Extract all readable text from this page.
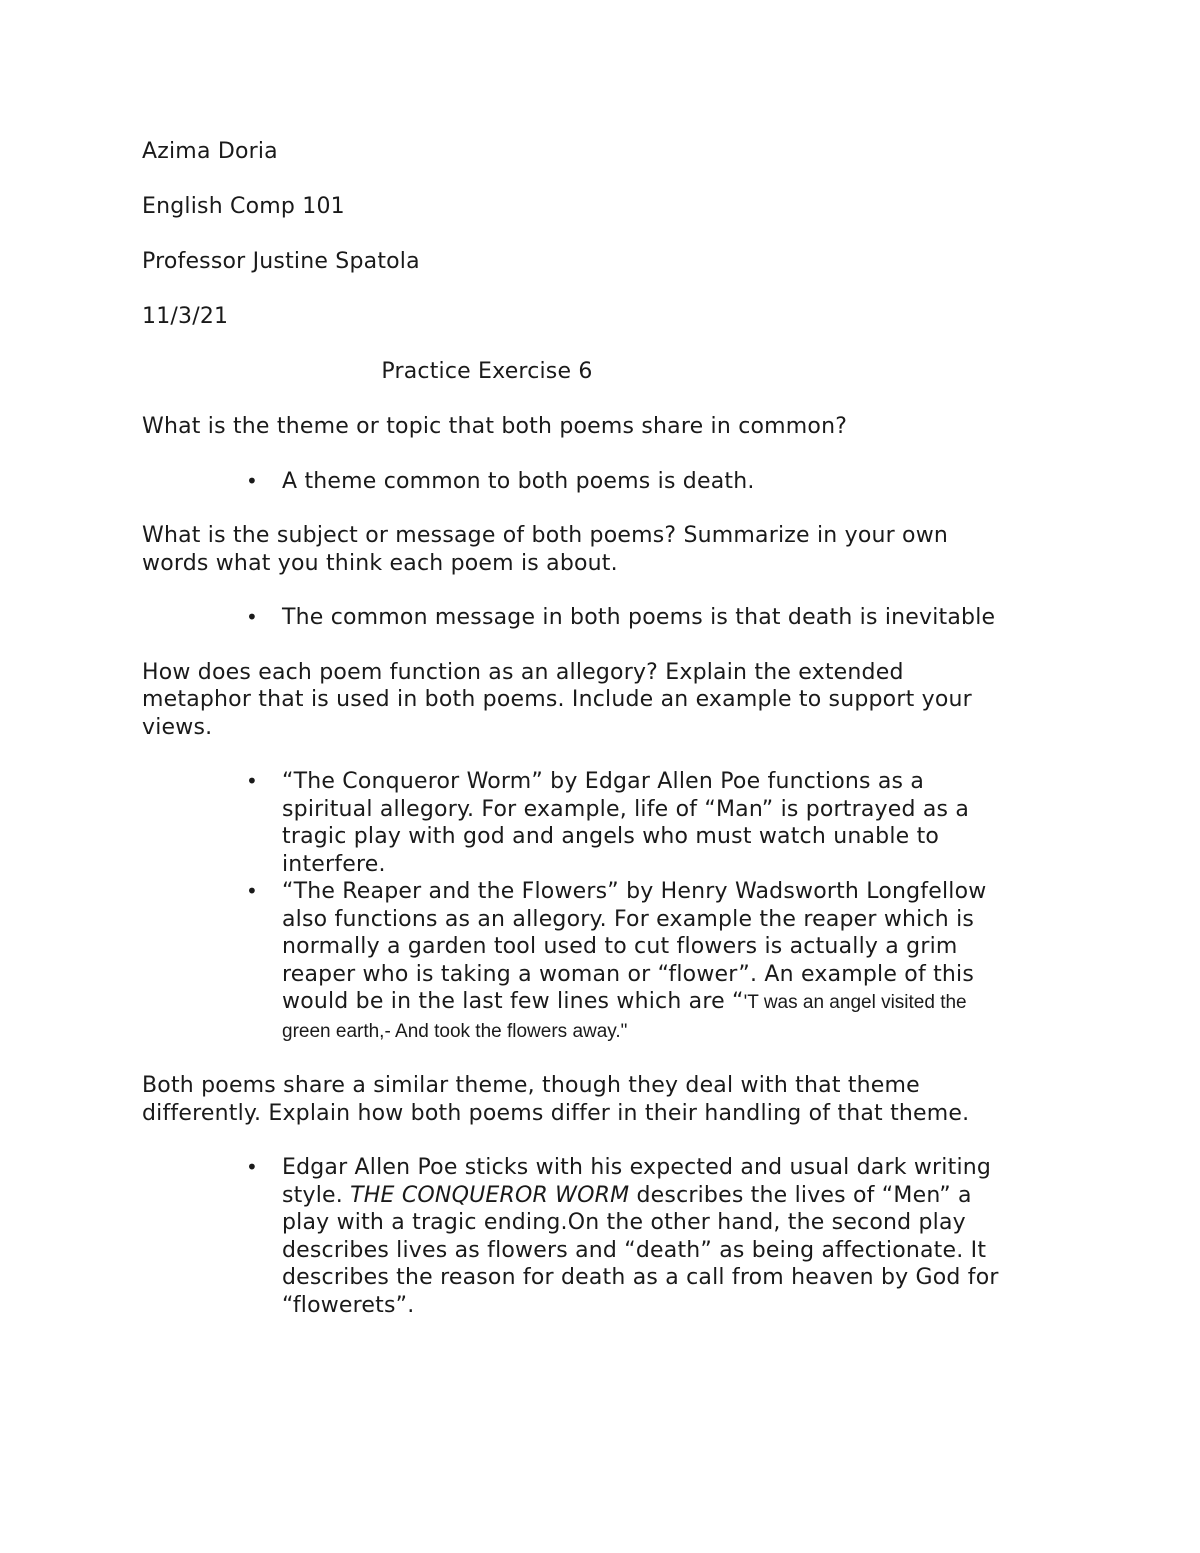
Azima Doria

English Comp 101

Professor Justine Spatola

11/3/21

Practice Exercise 6

What is the theme or topic that both poems share in common?

• A theme common to both poems is death.

What is the subject or message of both poems? Summarize in your own
words what you think each poem is about.

• The common message in both poems is that death is inevitable

How does each poem function as an allegory? Explain the extended
metaphor that is used in both poems. Include an example to support your
views.

• “The Conqueror Worm” by Edgar Allen Poe functions as a
spiritual allegory. For example, life of “Man” is portrayed as a
tragic play with god and angels who must watch unable to
interfere.
• “The Reaper and the Flowers” by Henry Wadsworth Longfellow
also functions as an allegory. For example the reaper which is
normally a garden tool used to cut flowers is actually a grim
reaper who is taking a woman or “flower”. An example of this
would be in the last few lines which are “'T was an angel visited the
green earth,- And took the flowers away."

Both poems share a similar theme, though they deal with that theme
differently. Explain how both poems differ in their handling of that theme.

• Edgar Allen Poe sticks with his expected and usual dark writing
style. THE CONQUEROR WORM describes the lives of “Men” a
play with a tragic ending.On the other hand, the second play
describes lives as flowers and “death” as being affectionate. It
describes the reason for death as a call from heaven by God for
“flowerets”.
